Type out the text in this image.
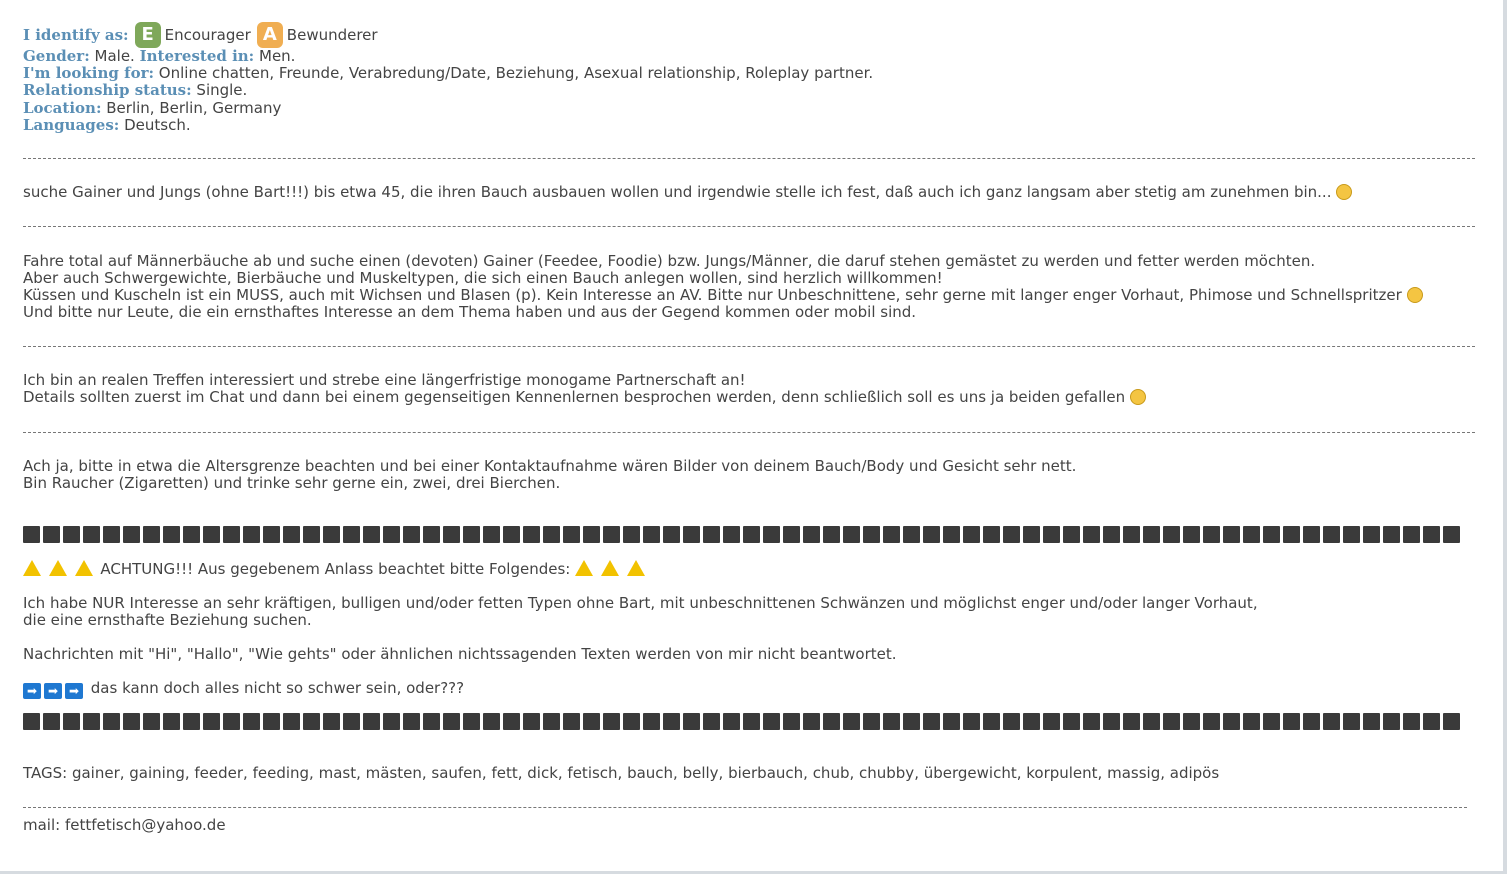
I identify as: E Encourager A Bewunderer
Gender: Male. Interested in: Men.
I'm looking for: Online chatten, Freunde, Verabredung/Date, Beziehung, Asexual relationship, Roleplay partner.
Relationship status: Single.
Location: Berlin, Berlin, Germany
Languages: Deutsch.
suche Gainer und Jungs (ohne Bart!!!) bis etwa 45, die ihren Bauch ausbauen wollen und irgendwie stelle ich fest, daß auch ich ganz langsam aber stetig am zunehmen bin...
Fahre total auf Männerbäuche ab und suche einen (devoten) Gainer (Feedee, Foodie) bzw. Jungs/Männer, die daruf stehen gemästet zu werden und fetter werden möchten.
Aber auch Schwergewichte, Bierbäuche und Muskeltypen, die sich einen Bauch anlegen wollen, sind herzlich willkommen!
Küssen und Kuscheln ist ein MUSS, auch mit Wichsen und Blasen (p). Kein Interesse an AV. Bitte nur Unbeschnittene, sehr gerne mit langer enger Vorhaut, Phimose und Schnellspritzer
Und bitte nur Leute, die ein ernsthaftes Interesse an dem Thema haben und aus der Gegend kommen oder mobil sind.
Ich bin an realen Treffen interessiert und strebe eine längerfristige monogame Partnerschaft an!
Details sollten zuerst im Chat und dann bei einem gegenseitigen Kennenlernen besprochen werden, denn schließlich soll es uns ja beiden gefallen
Ach ja, bitte in etwa die Altersgrenze beachten und bei einer Kontaktaufnahme wären Bilder von deinem Bauch/Body und Gesicht sehr nett.
Bin Raucher (Zigaretten) und trinke sehr gerne ein, zwei, drei Bierchen.
ACHTUNG!!! Aus gegebenem Anlass beachtet bitte Folgendes:
Ich habe NUR Interesse an sehr kräftigen, bulligen und/oder fetten Typen ohne Bart, mit unbeschnittenen Schwänzen und möglichst enger und/oder langer Vorhaut,
die eine ernsthafte Beziehung suchen.
Nachrichten mit "Hi", "Hallo", "Wie gehts" oder ähnlichen nichtssagenden Texten werden von mir nicht beantwortet.
➡ ➡ ➡ das kann doch alles nicht so schwer sein, oder???
TAGS: gainer, gaining, feeder, feeding, mast, mästen, saufen, fett, dick, fetisch, bauch, belly, bierbauch, chub, chubby, übergewicht, korpulent, massig, adipös
mail: fettfetisch@yahoo.de
